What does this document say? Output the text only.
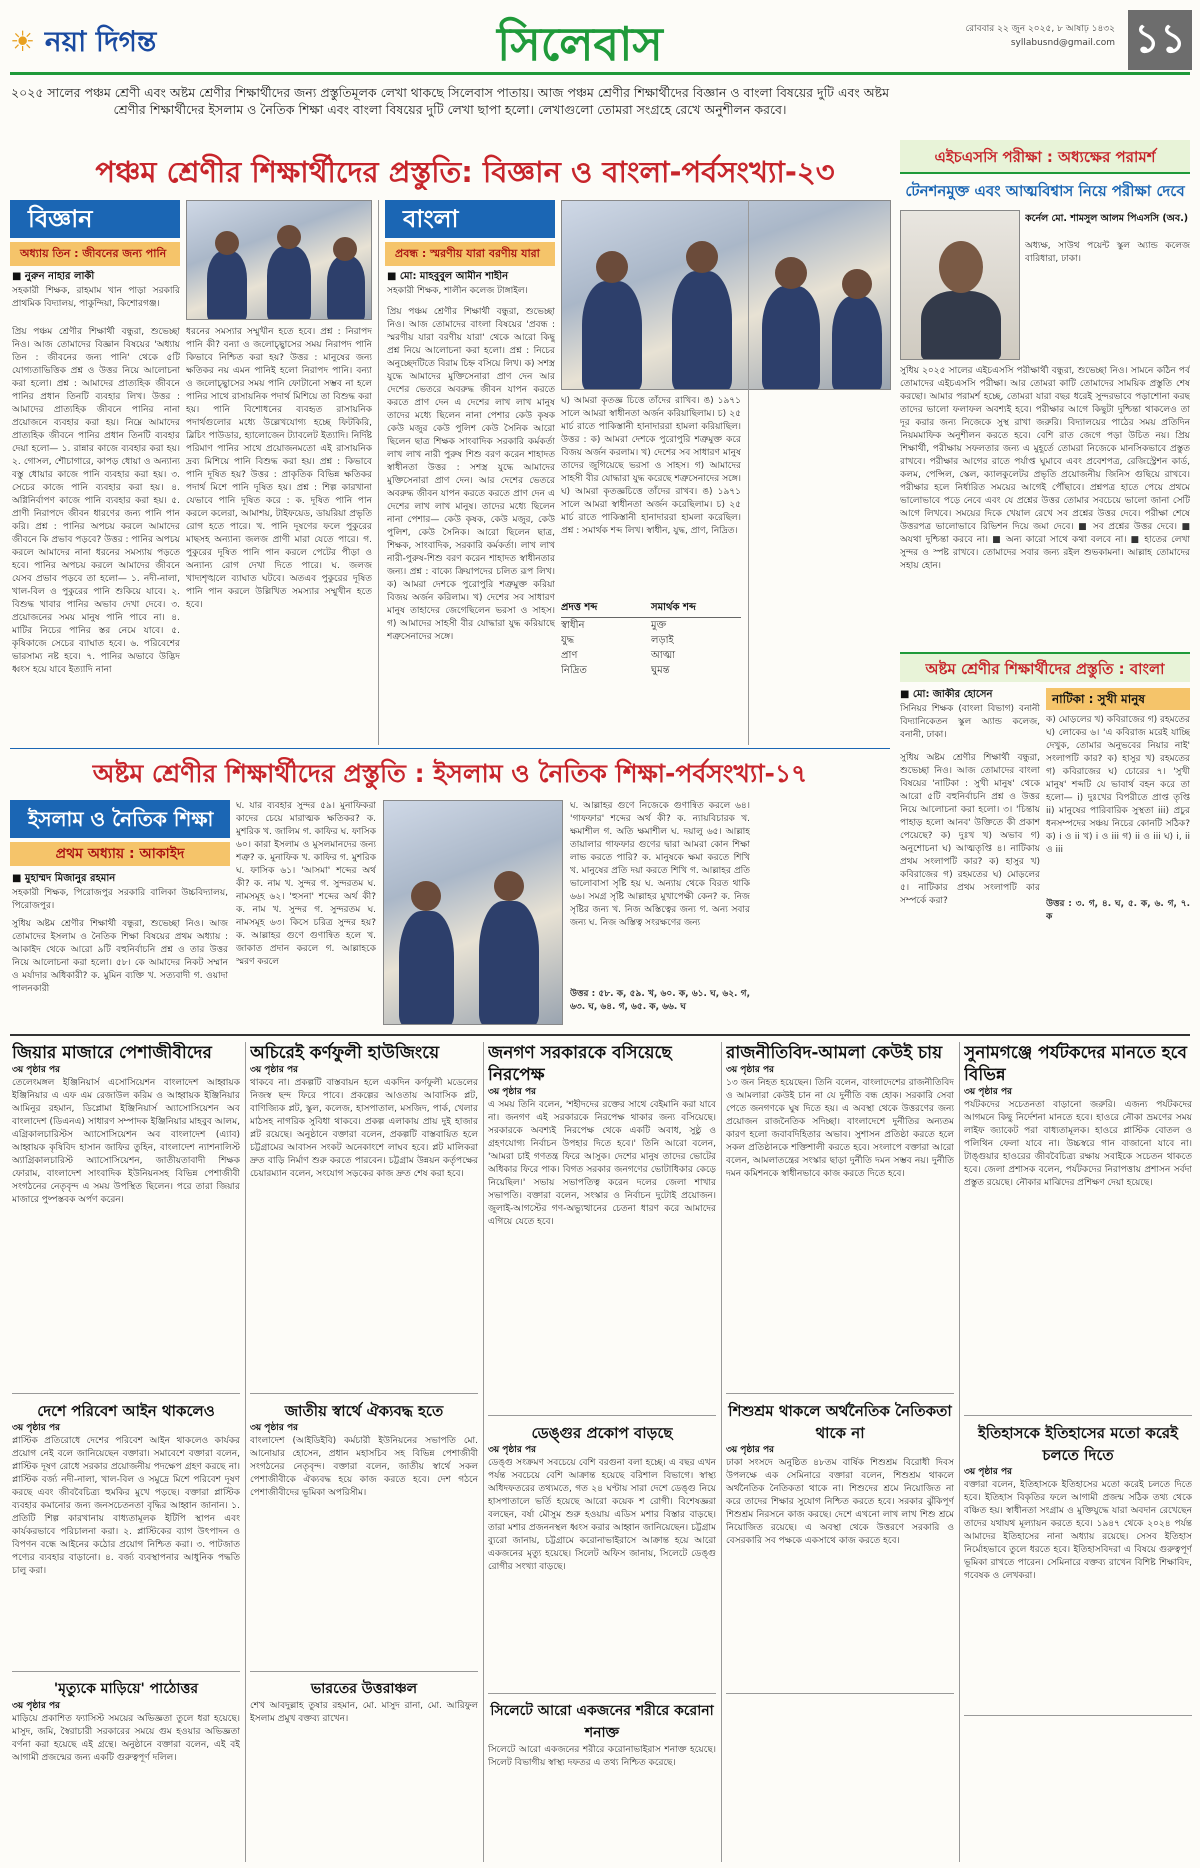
☀ নয়া দিগন্ত	সিলেবাস	রোববার ২২ জুন ২০২৫, ৮ আষাঢ় ১৪৩২
syllabusnd@gmail.com ১১
২০২৫ সালের পঞ্চম শ্রেণী এবং অষ্টম শ্রেণীর শিক্ষার্থীদের জন্য প্রস্তুতিমূলক লেখা থাকছে সিলেবাস পাতায়। আজ পঞ্চম শ্রেণীর শিক্ষার্থীদের বিজ্ঞান ও বাংলা বিষয়ের দুটি এবং অষ্টম শ্রেণীর শিক্ষার্থীদের ইসলাম ও নৈতিক শিক্ষা এবং বাংলা বিষয়ের দুটি লেখা ছাপা হলো। লেখাগুলো তোমরা সংগ্রহে রেখে অনুশীলন করবে।
পঞ্চম শ্রেণীর শিক্ষার্থীদের প্রস্তুতি: বিজ্ঞান ও বাংলা-পর্বসংখ্যা-২৩
বিজ্ঞান
অধ্যায় তিন : জীবনের জন্য পানি
■ নুরুন নাহার লাকী
সহকারী শিক্ষক, রাহমাম খান পাড়া সরকারি প্রাথমিক বিদ্যালয়, পাকুন্দিয়া, কিশোরগঞ্জ।
প্রিয় পঞ্চম শ্রেণীর শিক্ষার্থী বন্ধুরা, শুভেচ্ছা নিও। আজ তোমাদের বিজ্ঞান বিষয়ের 'অধ্যায় তিন : জীবনের জন্য পানি' থেকে ৫টি যোগ্যতাভিত্তিক প্রশ্ন ও উত্তর নিয়ে আলোচনা করা হলো। প্রশ্ন : আমাদের প্রাত্যহিক জীবনে পানির প্রধান তিনটি ব্যবহার লিখ। উত্তর : আমাদের প্রাত্যহিক জীবনে পানির নানা প্রয়োজনে ব্যবহার করা হয়। নিম্নে আমাদের প্রাত্যহিক জীবনে পানির প্রধান তিনটি ব্যবহার দেয়া হলো— ১. রান্নার কাজে ব্যবহার করা হয়। ২. গোসল, শৌচাগারে, কাপড় ধোয়া ও অন্যান্য বস্তু ধোয়ার কাজে পানি ব্যবহার করা হয়। ৩. সেচের কাজে পানি ব্যবহার করা হয়। ৪. অগ্নিনির্বাপণ কাজে পানি ব্যবহার করা হয়। ৫. প্রাণী নিরাপদে জীবন ধারণের জন্য পানি পান করি। প্রশ্ন : পানির অপচয় করলে আমাদের জীবনে কি প্রভাব পড়বে? উত্তর : পানির অপচয় করলে আমাদের নানা ধরনের সমস্যায় পড়তে হবে। পানির অপচয় করলে আমাদের জীবনে যেসব প্রভাব পড়বে তা হলো— ১. নদী-নালা, খাল-বিল ও পুকুরের পানি শুকিয়ে যাবে। ২. বিশুদ্ধ খাবার পানির অভাব দেখা দেবে। ৩. প্রয়োজনের সময় মানুষ পানি পাবে না। ৪. মাটির নিচের পানির স্তর নেমে যাবে। ৫. কৃষিকাজে সেচের ব্যাঘাত হবে। ৬. পরিবেশের ভারসাম্য নষ্ট হবে। ৭. পানির অভাবে উদ্ভিদ ধ্বংস হয়ে যাবে ইত্যাদি নানা
ধরনের সমস্যার সম্মুখীন হতে হবে। প্রশ্ন : নিরাপদ পানি কী? বন্যা ও জলোচ্ছ্বাসের সময় নিরাপদ পানি কিভাবে নিশ্চিত করা হয়? উত্তর : মানুষের জন্য ক্ষতিকর নয় এমন পানিই হলো নিরাপদ পানি। বন্যা ও জলোচ্ছ্বাসের সময় পানি ফোটানো সম্ভব না হলে পানির সাথে রাসায়নিক পদার্থ মিশিয়ে তা বিশুদ্ধ করা হয়। পানি বিশোধনের ব্যবহৃত রাসায়নিক পদার্থগুলোর মধ্যে উল্লেখযোগ্য হচ্ছে ফিটকিরি, ব্লিচিং পাউডার, হ্যালোজেন ট্যাবলেট ইত্যাদি। নির্দিষ্ট পরিমাণ পানির সাথে প্রয়োজনমতো এই রাসায়নিক দ্রব্য মিশিয়ে পানি বিশুদ্ধ করা হয়। প্রশ্ন : কিভাবে পানি দূষিত হয়? উত্তর : প্রাকৃতিক বিভিন্ন ক্ষতিকর পদার্থ মিশে পানি দূষিত হয়। প্রশ্ন : শিল্প কারখানা যেভাবে পানি দূষিত করে : ক. দূষিত পানি পান করলে কলেরা, আমাশয়, টাইফয়েড, ডায়রিয়া প্রভৃতি রোগ হতে পারে। খ. পানি দূষণের ফলে পুকুরের মাছসহ অন্যান্য জলজ প্রাণী মারা যেতে পারে। গ. পুকুরের দূষিত পানি পান করলে পেটের পীড়া ও অন্যান্য রোগ দেখা দিতে পারে। ঘ. জলজ খাদ্যশৃঙ্খলে ব্যাঘাত ঘটবে। অতএব পুকুরের দূষিত পানি পান করলে উল্লিখিত সমস্যার সম্মুখীন হতে হবে।
বাংলা
প্রবন্ধ : স্মরণীয় যারা বরণীয় যারা
■ মো: মাহবুবুল আমীন শাহীন
সহকারী শিক্ষক, শালীন কলেজ টাঙ্গাইল।
প্রিয় পঞ্চম শ্রেণীর শিক্ষার্থী বন্ধুরা, শুভেচ্ছা নিও। আজ তোমাদের বাংলা বিষয়ের 'প্রবন্ধ : স্মরণীয় যারা বরণীয় যারা' থেকে আরো কিছু প্রশ্ন নিয়ে আলোচনা করা হলো। প্রশ্ন : নিচের অনুচ্ছেদটিতে বিরাম চিহ্ন বসিয়ে লিখ। ক) সশস্ত্র যুদ্ধে আমাদের মুক্তিসেনারা প্রাণ দেন আর দেশের ভেতরে অবরুদ্ধ জীবন যাপন করতে করতে প্রাণ দেন এ দেশের লাখ লাখ মানুষ তাদের মধ্যে ছিলেন নানা পেশার কেউ কৃষক কেউ মজুর কেউ পুলিশ কেউ সৈনিক আরো ছিলেন ছাত্র শিক্ষক সাংবাদিক সরকারি কর্মকর্তা লাখ লাখ নারী পুরুষ শিশু বরণ করেন শাহাদত স্বাধীনতা উত্তর : সশস্ত্র যুদ্ধে আমাদের মুক্তিসেনারা প্রাণ দেন। আর দেশের ভেতরে অবরুদ্ধ জীবন যাপন করতে করতে প্রাণ দেন এ দেশের লাখ লাখ মানুষ। তাদের মধ্যে ছিলেন নানা পেশার— কেউ কৃষক, কেউ মজুর, কেউ পুলিশ, কেউ সৈনিক। আরো ছিলেন ছাত্র, শিক্ষক, সাংবাদিক, সরকারি কর্মকর্তা। লাখ লাখ নারী-পুরুষ-শিশু বরণ করেন শাহাদত স্বাধীনতার জন্য। প্রশ্ন : বাক্যে ক্রিয়াপদের চলিত রূপ লিখ। ক) আমরা দেশকে পুরোপুরি শত্রুমুক্ত করিয়া বিজয় অর্জন করিলাম। খ) দেশের সব সাধারণ মানুষ তাহাদের জেগেছিলেন ভরসা ও সাহস। গ) আমাদের সাহসী বীর যোদ্ধারা যুদ্ধ করিয়াছে শত্রুসেনাদের সঙ্গে।
ঘ) আমরা কৃতজ্ঞ চিত্তে তাঁদের রাখিব। ঙ) ১৯৭১ সালে আমরা স্বাধীনতা অর্জন করিয়াছিলাম। চ) ২৫ মার্চ রাতে পাকিস্তানী হানাদাররা হামলা করিয়াছিল। উত্তর : ক) আমরা দেশকে পুরোপুরি শত্রুমুক্ত করে বিজয় অর্জন করলাম। খ) দেশের সব সাধারণ মানুষ তাদের জুগিয়েছে ভরসা ও সাহস। গ) আমাদের সাহসী বীর যোদ্ধারা যুদ্ধ করেছে শত্রুসেনাদের সঙ্গে। ঘ) আমরা কৃতজ্ঞচিত্তে তাঁদের রাখব। ঙ) ১৯৭১ সালে আমরা স্বাধীনতা অর্জন করেছিলাম। চ) ২৫ মার্চ রাতে পাকিস্তানী হানাদাররা হামলা করেছিল। প্রশ্ন : সমার্থক শব্দ লিখ। স্বাধীন, যুদ্ধ, প্রাণ, নিদ্রিত।
প্রদত্ত শব্দ	সমার্থক শব্দ
স্বাধীন	মুক্ত
যুদ্ধ	লড়াই
প্রাণ	আত্মা
নিদ্রিত	ঘুমন্ত
এইচএসসি পরীক্ষা : অধ্যক্ষের পরামর্শ
টেনশনমুক্ত এবং আত্মবিশ্বাস নিয়ে পরীক্ষা দেবে
কর্নেল মো. শামসুল আলম পিএসসি (অব.)
অধ্যক্ষ, সাউথ পয়েন্ট স্কুল অ্যান্ড কলেজ বারিধারা, ঢাকা।
সুধিয় ২০২৫ সালের এইচএসসি পরীক্ষার্থী বন্ধুরা, শুভেচ্ছা নিও। সামনে কঠিন পর্ব তোমাদের এইচএসসি পরীক্ষা। আর তোমরা কাটি তোমাদের সাময়িক প্রস্তুতি শেষ করছো। আমার পরামর্শ হচ্ছে, তোমরা যারা বছর ধরেই সুন্দরভাবে পড়াশোনা করছ তাদের ভালো ফলাফল অবশ্যই হবে। পরীক্ষার আগে কিছুটা দুশ্চিন্তা থাকলেও তা দূর করার জন্য নিজেকে সুস্থ রাখা জরুরি। বিদ্যালয়ের পাঠের সময় প্রতিদিন নিয়মমাফিক অনুশীলন করতে হবে। বেশি রাত জেগে পড়া উচিত নয়। প্রিয় শিক্ষার্থী, পরীক্ষায় সফলতার জন্য এ মুহূর্তে তোমরা নিজেকে মানসিকভাবে প্রস্তুত রাখবে। পরীক্ষার আগের রাতে পর্যাপ্ত ঘুমাবে এবং প্রবেশপত্র, রেজিস্ট্রেশন কার্ড, কলম, পেন্সিল, স্কেল, ক্যালকুলেটর প্রভৃতি প্রয়োজনীয় জিনিস গুছিয়ে রাখবে। পরীক্ষার হলে নির্ধারিত সময়ের আগেই পৌঁছাবে। প্রশ্নপত্র হাতে পেয়ে প্রথমে ভালোভাবে পড়ে নেবে এবং যে প্রশ্নের উত্তর তোমার সবচেয়ে ভালো জানা সেটি আগে লিখবে। সময়ের দিকে খেয়াল রেখে সব প্রশ্নের উত্তর দেবে। পরীক্ষা শেষে উত্তরপত্র ভালোভাবে রিভিশন দিয়ে জমা দেবে। ■ সব প্রশ্নের উত্তর দেবে। ■ অযথা দুশ্চিন্তা করবে না। ■ অন্য কারো সাথে কথা বলবে না। ■ হাতের লেখা সুন্দর ও স্পষ্ট রাখবে। তোমাদের সবার জন্য রইল শুভকামনা। আল্লাহ তোমাদের সহায় হোন।
অষ্টম শ্রেণীর শিক্ষার্থীদের প্রস্তুতি : বাংলা
■ মো: জাকীর হোসেন
সিনিয়র শিক্ষক (বাংলা বিভাগ) বনানী বিদ্যানিকেতন স্কুল অ্যান্ড কলেজ, বনানী, ঢাকা।
নাটিকা : সুখী মানুষ
সুধিয় অষ্টম শ্রেণীর শিক্ষার্থী বন্ধুরা, শুভেচ্ছা নিও। আজ তোমাদের বাংলা বিষয়ের 'নাটিকা : সুখী মানুষ' থেকে আরো ৫টি বহুনির্বাচনি প্রশ্ন ও উত্তর নিয়ে আলোচনা করা হলো। ৩। 'চিন্তায় পাহাড় হলো আনব' উক্তিতে কী প্রকাশ পেয়েছে? ক) দুঃখ খ) অভাব গ) অনুশোচনা ঘ) আত্মতৃপ্তি ৪। নাটিকায় প্রথম সংলাপটি কার? ক) হাসুর খ) কবিরাজের গ) রহমতের ঘ) মোড়লের ৫। নাটিকার প্রথম সংলাপটি কার সম্পর্কে করা?
ক) মোড়লের খ) কবিরাজের গ) রহমতের ঘ) লোকের ৬। 'এ কবিরাজ মরেই যাচ্ছি দেখুক, তোমার অনুভবের নিয়ার নাই' সংলাপটি কার? ক) হাসুর খ) রহমতের গ) কবিরাজের ঘ) চোরের ৭। 'সুখী মানুষ' শব্দটি যে ভাবার্থ বহন করে তা হলো— i) দুঃখের বিপরীতে প্রাপ্ত তৃপ্তি ii) মানুষের পারিবারিক সুস্থতা iii) প্রচুর ধনসম্পদের সঞ্চয় নিচের কোনটি সঠিক? ক) i ও ii খ) i ও iii গ) ii ও iii ঘ) i, ii ও iii
উত্তর : ৩. গ, ৪. ঘ, ৫. ক, ৬. গ, ৭. ক
অষ্টম শ্রেণীর শিক্ষার্থীদের প্রস্তুতি : ইসলাম ও নৈতিক শিক্ষা-পর্বসংখ্যা-১৭
ইসলাম ও নৈতিক শিক্ষা
প্রথম অধ্যায় : আকাইদ
■ মুহাম্মদ মিজানুর রহমান
সহকারী শিক্ষক, পিরোজপুর সরকারি বালিকা উচ্চবিদ্যালয়, পিরোজপুর।
সুধিয় অষ্টম শ্রেণীর শিক্ষার্থী বন্ধুরা, শুভেচ্ছা নিও। আজ তোমাদের ইসলাম ও নৈতিক শিক্ষা বিষয়ের প্রথম অধ্যায় : আকাইদ থেকে আরো ৯টি বহুনির্বাচনি প্রশ্ন ও তার উত্তর নিয়ে আলোচনা করা হলো। ৫৮। কে আমাদের নিকট সম্মান ও মর্যাদার অধিকারী? ক. মুমিন ব্যক্তি খ. সত্যবাদী গ. ওয়াদা পালনকারী
ঘ. যার ব্যবহার সুন্দর ৫৯। মুনাফিকরা কাদের চেয়ে মারাত্মক ক্ষতিকর? ক. মুশরিক খ. জালিম গ. কাফির ঘ. ফাসিক ৬০। কারা ইসলাম ও মুসলমানদের জন্য শত্রু? ক. মুনাফিক খ. কাফির গ. মুশরিক ঘ. ফাসিক ৬১। 'আসমা' শব্দের অর্থ কী? ক. নাম খ. সুন্দর গ. সুন্দরতম ঘ. নামসমূহ ৬২। 'হুসনা' শব্দের অর্থ কী? ক. নাম খ. সুন্দর গ. সুন্দরতম ঘ. নামসমূহ ৬৩। কিসে চরিত্র সুন্দর হয়? ক. আল্লাহর গুণে গুণান্বিত হলে খ. জাকাত প্রদান করলে গ. আল্লাহকে স্মরণ করলে
ঘ. আল্লাহর গুণে নিজেকে গুণান্বিত করলে ৬৪। 'গাফফার' শব্দের অর্থ কী? ক. ন্যায়বিচারক খ. ক্ষমাশীল গ. অতি ক্ষমাশীল ঘ. দয়ালু ৬৫। আল্লাহ তায়ালার গাফফার গুণের দ্বারা আমরা কোন শিক্ষা লাভ করতে পারি? ক. মানুষকে ক্ষমা করতে শিখি খ. মানুষের প্রতি দয়া করতে শিখি গ. আল্লাহর প্রতি ভালোবাসা সৃষ্টি হয় ঘ. অন্যায় থেকে বিরত থাকি ৬৬। সমগ্র সৃষ্টি আল্লাহর মুখাপেক্ষী কেন? ক. নিজ সৃষ্টির জন্য খ. নিজ অস্তিত্বের জন্য গ. অন্য সবার জন্য ঘ. নিজ অস্তিত্ব সংরক্ষণের জন্য
উত্তর : ৫৮. ক, ৫৯. খ, ৬০. ক, ৬১. ঘ, ৬২. গ, ৬৩. ঘ, ৬৪. গ, ৬৫. ক, ৬৬. ঘ
জিয়ার মাজারে পেশাজীবীদের
৩য় পৃষ্ঠার পর
তেলেংমঙ্গল ইঞ্জিনিয়ার্স এসোসিয়েশন বাংলাদেশ আহ্বায়ক ইঞ্জিনিয়ার এ এফ এম রেজাউল করিম ও আহ্বায়ক ইঞ্জিনিয়ার আমিনুর রহমান, ডিপ্লোমা ইঞ্জিনিয়ার্স অ্যাসোসিয়েশন অব বাংলাদেশ (ডিএনএ) সাধারণ সম্পাদক ইঞ্জিনিয়ার মাহবুব আলম, এগ্রিকালচারিস্টস অ্যাসোসিয়েশন অব বাংলাদেশ (এ্যাব) আহ্বায়ক কৃষিবিদ হাসান জাফির তুহিন, বাংলাদেশ ন্যাশনালিস্ট অ্যাগ্রিকালচারিস্ট অ্যাসোসিয়েশন, জাতীয়তাবাদী শিক্ষক ফোরাম, বাংলাদেশ সাংবাদিক ইউনিয়নসহ বিভিন্ন পেশাজীবী সংগঠনের নেতৃবৃন্দ এ সময় উপস্থিত ছিলেন। পরে তারা জিয়ার মাজারে পুষ্পস্তবক অর্পণ করেন।
দেশে পরিবেশ আইন থাকলেও
৩য় পৃষ্ঠার পর
প্লাস্টিক প্রতিরোধে দেশের পরিবেশ আইন থাকলেও কার্যকর প্রয়োগ নেই বলে জানিয়েছেন বক্তারা। সমাবেশে বক্তারা বলেন, প্লাস্টিক দূষণ রোধে সরকার প্রয়োজনীয় পদক্ষেপ গ্রহণ করছে না। প্লাস্টিক বর্জ্য নদী-নালা, খাল-বিল ও সমুদ্রে মিশে পরিবেশ দূষণ করছে এবং জীববৈচিত্র্য হুমকির মুখে পড়ছে। বক্তারা প্লাস্টিক ব্যবহার কমানোর জন্য জনসচেতনতা বৃদ্ধির আহ্বান জানান। ১. প্রতিটি শিল্প কারখানায় বাধ্যতামূলক ইটিপি স্থাপন এবং কার্যকরভাবে পরিচালনা করা। ২. প্লাস্টিকের ব্যাগ উৎপাদন ও বিপণন বন্ধে আইনের কঠোর প্রয়োগ নিশ্চিত করা। ৩. পাটজাত পণ্যের ব্যবহার বাড়ানো। ৪. বর্জ্য ব্যবস্থাপনার আধুনিক পদ্ধতি চালু করা।
'মৃত্যুকে মাড়িয়ে' পাঠোত্তর
৩য় পৃষ্ঠার পর
মাড়িয়ে প্রকাশিত ফ্যাসিস্ট সময়ের অভিজ্ঞতা তুলে ধরা হয়েছে। মাসুদ, জমি, স্বৈরাচারী সরকারের সময়ে গুম হওয়ার অভিজ্ঞতা বর্ণনা করা হয়েছে এই গ্রন্থে। অনুষ্ঠানে বক্তারা বলেন, এই বই আগামী প্রজন্মের জন্য একটি গুরুত্বপূর্ণ দলিল।
অচিরেই কর্ণফুলী হাউজিংয়ে
৩য় পৃষ্ঠার পর
থাকবে না। প্রকল্পটি বাস্তবায়ন হলে একদিন কর্ণফুলী মডেলের নিজস্ব ছন্দ ফিরে পাবে। প্রকল্পের আওতায় আবাসিক প্লট, বাণিজ্যিক প্লট, স্কুল, কলেজ, হাসপাতাল, মসজিদ, পার্ক, খেলার মাঠসহ নাগরিক সুবিধা থাকবে। প্রকল্প এলাকায় প্রায় দুই হাজার প্লট রয়েছে। অনুষ্ঠানে বক্তারা বলেন, প্রকল্পটি বাস্তবায়িত হলে চট্টগ্রামের আবাসন সংকট অনেকাংশে লাঘব হবে। প্লট মালিকরা দ্রুত বাড়ি নির্মাণ শুরু করতে পারবেন। চট্টগ্রাম উন্নয়ন কর্তৃপক্ষের চেয়ারম্যান বলেন, সংযোগ সড়কের কাজ দ্রুত শেষ করা হবে।
জাতীয় স্বার্থে ঐক্যবদ্ধ হতে
৩য় পৃষ্ঠার পর
বাংলাদেশ (আইডিইবি) কর্মচারী ইউনিয়নের সভাপতি মো. আনোয়ার হোসেন, প্রধান মহাসচিব সহ বিভিন্ন পেশাজীবী সংগঠনের নেতৃবৃন্দ। বক্তারা বলেন, জাতীয় স্বার্থে সকল পেশাজীবীকে ঐক্যবদ্ধ হয়ে কাজ করতে হবে। দেশ গঠনে পেশাজীবীদের ভূমিকা অপরিসীম।
ভারতের উত্তরাঞ্চল
শেখ আবদুল্লাহ তুষার রহমান, মো. মাসুদ রানা, মো. আরিফুল ইসলাম প্রমুখ বক্তব্য রাখেন।
জনগণ সরকারকে বসিয়েছে নিরপেক্ষ
৩য় পৃষ্ঠার পর
এ সময় তিনি বলেন, 'শহীদদের রক্তের সাথে বেইমানি করা যাবে না। জনগণ এই সরকারকে নিরপেক্ষ থাকার জন্য বসিয়েছে। সরকারকে অবশ্যই নিরপেক্ষ থেকে একটি অবাধ, সুষ্ঠু ও গ্রহণযোগ্য নির্বাচন উপহার দিতে হবে।' তিনি আরো বলেন, 'আমরা চাই গণতন্ত্র ফিরে আসুক। দেশের মানুষ তাদের ভোটের অধিকার ফিরে পাক। বিগত সরকার জনগণের ভোটাধিকার কেড়ে নিয়েছিল।' সভায় সভাপতিত্ব করেন দলের জেলা শাখার সভাপতি। বক্তারা বলেন, সংস্কার ও নির্বাচন দুটোই প্রয়োজন। জুলাই-আগস্টের গণ-অভ্যুত্থানের চেতনা ধারণ করে আমাদের এগিয়ে যেতে হবে।
ডেঙ্গুর প্রকোপ বাড়ছে
৩য় পৃষ্ঠার পর
ডেঙ্গু সংক্রমণ সবচেয়ে বেশি বরগুনা বলা হচ্ছে। এ বছর এখন পর্যন্ত সবচেয়ে বেশি আক্রান্ত হয়েছে বরিশাল বিভাগে। স্বাস্থ্য অধিদফতরের তথ্যমতে, গত ২৪ ঘণ্টায় সারা দেশে ডেঙ্গু নিয়ে হাসপাতালে ভর্তি হয়েছে আরো কয়েক শ রোগী। বিশেষজ্ঞরা বলছেন, বর্ষা মৌসুম শুরু হওয়ায় এডিস মশার বিস্তার বাড়ছে। তারা মশার প্রজননস্থল ধ্বংস করার আহ্বান জানিয়েছেন। চট্টগ্রাম ব্যুরো জানায়, চট্টগ্রামে করোনাভাইরাসে আক্রান্ত হয়ে আরো একজনের মৃত্যু হয়েছে। সিলেট অফিস জানায়, সিলেটে ডেঙ্গু রোগীর সংখ্যা বাড়ছে।
সিলেটে আরো একজনের শরীরে করোনা শনাক্ত
সিলেটে আরো একজনের শরীরে করোনাভাইরাস শনাক্ত হয়েছে। সিলেট বিভাগীয় স্বাস্থ্য দফতর এ তথ্য নিশ্চিত করেছে।
রাজনীতিবিদ-আমলা কেউই চায়
৩য় পৃষ্ঠার পর
১৩ জন নিহত হয়েছেন। তিনি বলেন, বাংলাদেশের রাজনীতিবিদ ও আমলারা কেউই চান না যে দুর্নীতি বন্ধ হোক। সরকারি সেবা পেতে জনগণকে ঘুষ দিতে হয়। এ অবস্থা থেকে উত্তরণের জন্য প্রয়োজন রাজনৈতিক সদিচ্ছা। বাংলাদেশে দুর্নীতির অন্যতম কারণ হলো জবাবদিহিতার অভাব। সুশাসন প্রতিষ্ঠা করতে হলে সকল প্রতিষ্ঠানকে শক্তিশালী করতে হবে। সংলাপে বক্তারা আরো বলেন, আমলাতন্ত্রের সংস্কার ছাড়া দুর্নীতি দমন সম্ভব নয়। দুর্নীতি দমন কমিশনকে স্বাধীনভাবে কাজ করতে দিতে হবে।
শিশুশ্রম থাকলে অর্থনৈতিক নৈতিকতা থাকে না
৩য় পৃষ্ঠার পর
ঢাকা সংসদে অনুষ্ঠিত ৪৮তম বার্ষিক শিশুশ্রম বিরোধী দিবস উপলক্ষে এক সেমিনারে বক্তারা বলেন, শিশুশ্রম থাকলে অর্থনৈতিক নৈতিকতা থাকে না। শিশুদের শ্রমে নিয়োজিত না করে তাদের শিক্ষার সুযোগ নিশ্চিত করতে হবে। সরকার ঝুঁকিপূর্ণ শিশুশ্রম নিরসনে কাজ করছে। দেশে এখনো লাখ লাখ শিশু শ্রমে নিয়োজিত রয়েছে। এ অবস্থা থেকে উত্তরণে সরকারি ও বেসরকারি সব পক্ষকে একসাথে কাজ করতে হবে।
সুনামগঞ্জে পর্যটকদের মানতে হবে বিভিন্ন
৩য় পৃষ্ঠার পর
পর্যটকদের সচেতনতা বাড়ানো জরুরি। এজন্য পর্যটকদের আগমনে কিছু নির্দেশনা মানতে হবে। হাওরে নৌকা ভ্রমণের সময় লাইফ জ্যাকেট পরা বাধ্যতামূলক। হাওরে প্লাস্টিক বোতল ও পলিথিন ফেলা যাবে না। উচ্চস্বরে গান বাজানো যাবে না। টাঙ্গুয়ার হাওরের জীববৈচিত্র্য রক্ষায় সবাইকে সচেতন থাকতে হবে। জেলা প্রশাসক বলেন, পর্যটকদের নিরাপত্তায় প্রশাসন সর্বদা প্রস্তুত রয়েছে। নৌকার মাঝিদের প্রশিক্ষণ দেয়া হয়েছে।
ইতিহাসকে ইতিহাসের মতো করেই চলতে দিতে
৩য় পৃষ্ঠার পর
বক্তারা বলেন, ইতিহাসকে ইতিহাসের মতো করেই চলতে দিতে হবে। ইতিহাস বিকৃতির ফলে আগামী প্রজন্ম সঠিক তথ্য থেকে বঞ্চিত হয়। স্বাধীনতা সংগ্রাম ও মুক্তিযুদ্ধে যারা অবদান রেখেছেন তাদের যথাযথ মূল্যায়ন করতে হবে। ১৯৪৭ থেকে ২০২৪ পর্যন্ত আমাদের ইতিহাসের নানা অধ্যায় রয়েছে। সেসব ইতিহাস নির্মোহভাবে তুলে ধরতে হবে। ইতিহাসবিদরা এ বিষয়ে গুরুত্বপূর্ণ ভূমিকা রাখতে পারেন। সেমিনারে বক্তব্য রাখেন বিশিষ্ট শিক্ষাবিদ, গবেষক ও লেখকরা।
